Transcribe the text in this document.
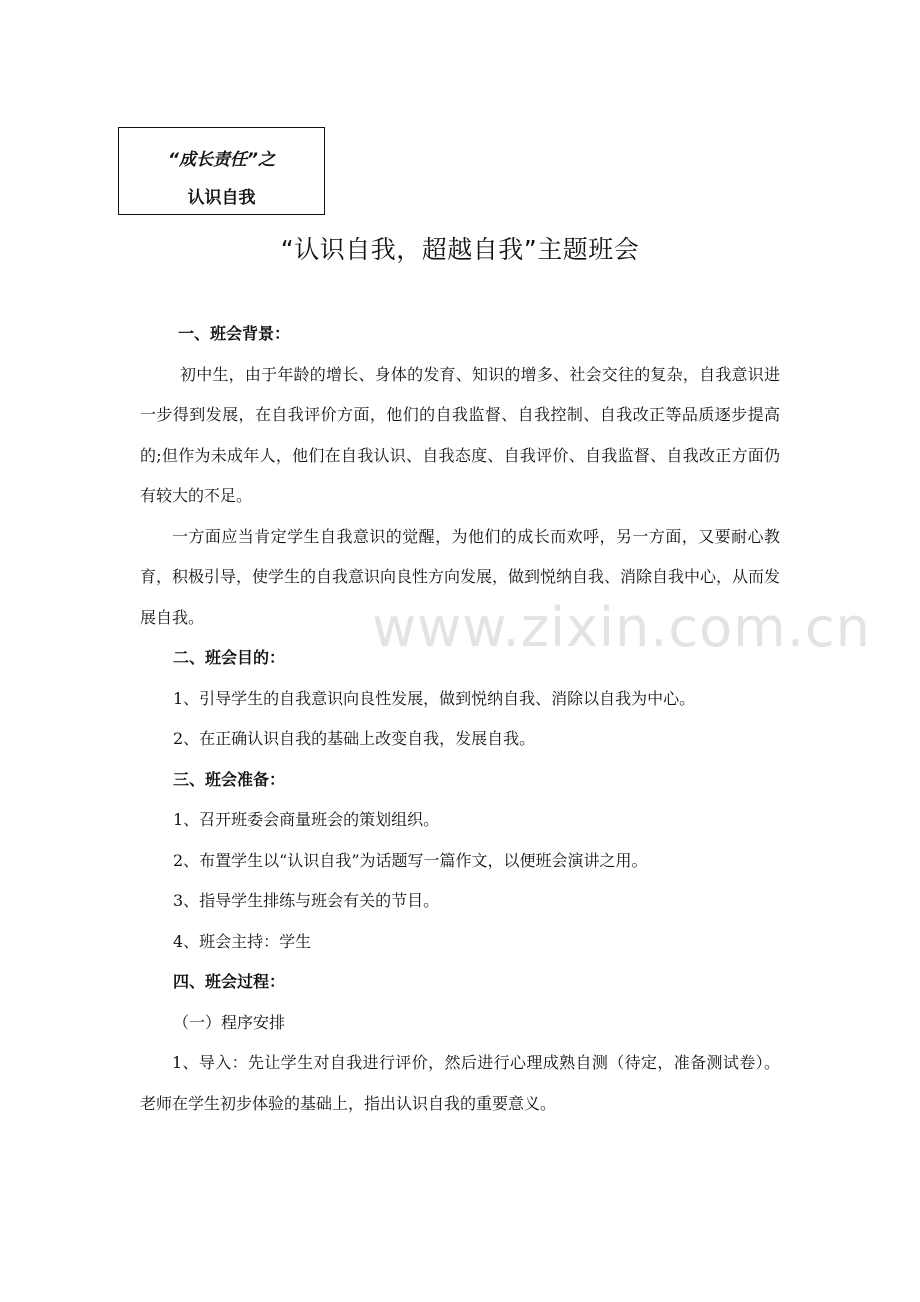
“成长责任”之
认识自我
“认识自我，超越自我”主题班会

一、班会背景：

初中生，由于年龄的增长、身体的发育、知识的增多、社会交往的复杂，自我意识进一步得到发展，在自我评价方面，他们的自我监督、自我控制、自我改正等品质逐步提高的;但作为未成年人，他们在自我认识、自我态度、自我评价、自我监督、自我改正方面仍有较大的不足。

一方面应当肯定学生自我意识的觉醒，为他们的成长而欢呼，另一方面，又要耐心教育，积极引导，使学生的自我意识向良性方向发展，做到悦纳自我、消除自我中心，从而发展自我。

二、班会目的：

1、引导学生的自我意识向良性发展，做到悦纳自我、消除以自我为中心。

2、在正确认识自我的基础上改变自我，发展自我。

三、班会准备：

1、召开班委会商量班会的策划组织。

2、布置学生以“认识自我”为话题写一篇作文，以便班会演讲之用。

3、指导学生排练与班会有关的节目。

4、班会主持：学生

四、班会过程：

（一）程序安排

1、导入：先让学生对自我进行评价，然后进行心理成熟自测（待定，准备测试卷）。老师在学生初步体验的基础上，指出认识自我的重要意义。

www.zixin.com.cn
